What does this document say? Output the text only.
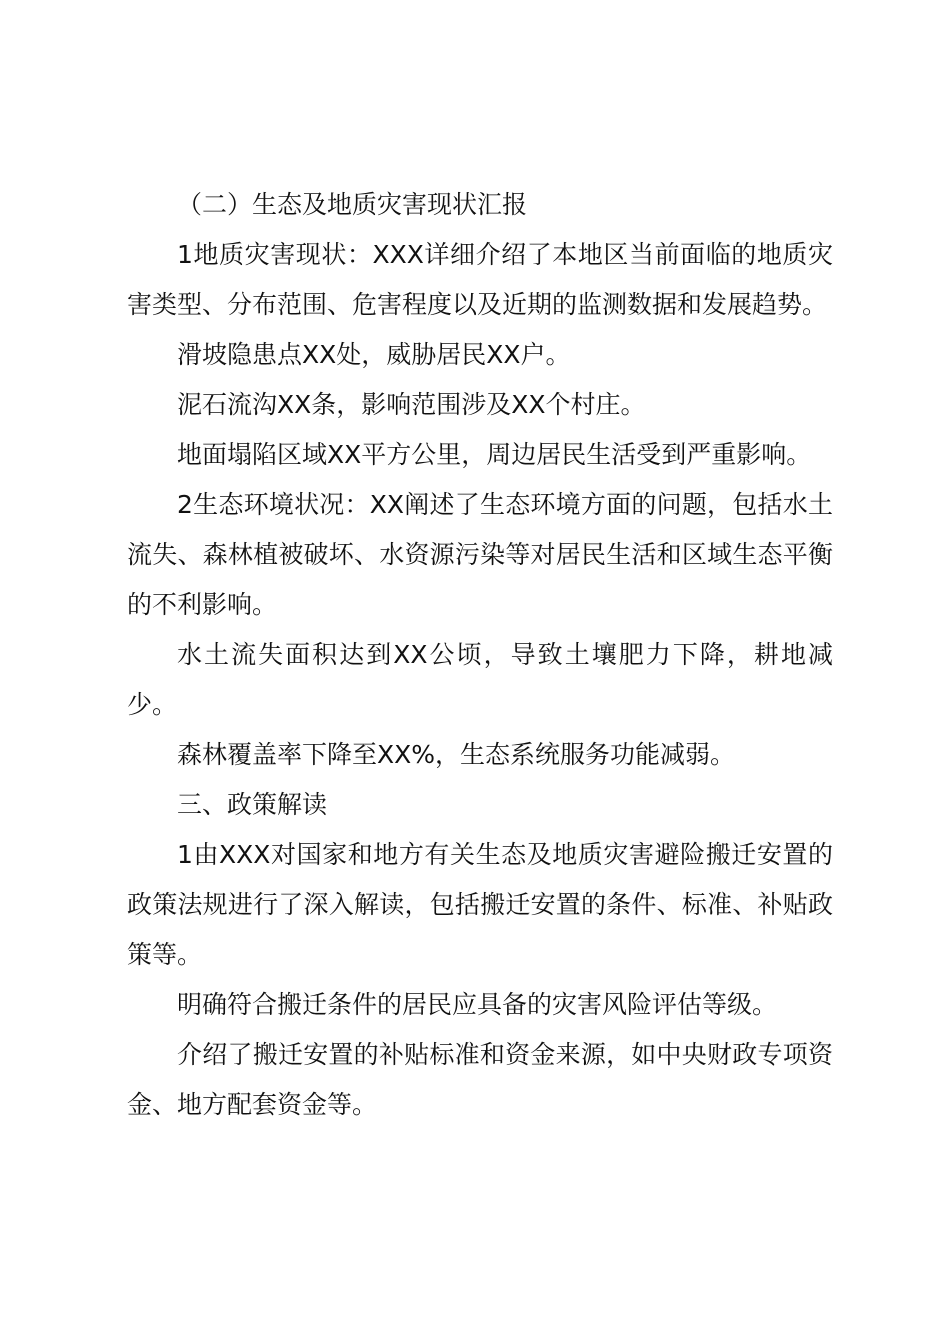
（二）生态及地质灾害现状汇报

1地质灾害现状：XXX详细介绍了本地区当前面临的地质灾害类型、分布范围、危害程度以及近期的监测数据和发展趋势。

滑坡隐患点XX处，威胁居民XX户。

泥石流沟XX条，影响范围涉及XX个村庄。

地面塌陷区域XX平方公里，周边居民生活受到严重影响。

2生态环境状况：XX阐述了生态环境方面的问题，包括水土流失、森林植被破坏、水资源污染等对居民生活和区域生态平衡的不利影响。

水土流失面积达到XX公顷，导致土壤肥力下降，耕地减少。

森林覆盖率下降至XX%，生态系统服务功能减弱。

三、政策解读

1由XXX对国家和地方有关生态及地质灾害避险搬迁安置的政策法规进行了深入解读，包括搬迁安置的条件、标准、补贴政策等。

明确符合搬迁条件的居民应具备的灾害风险评估等级。

介绍了搬迁安置的补贴标准和资金来源，如中央财政专项资金、地方配套资金等。
